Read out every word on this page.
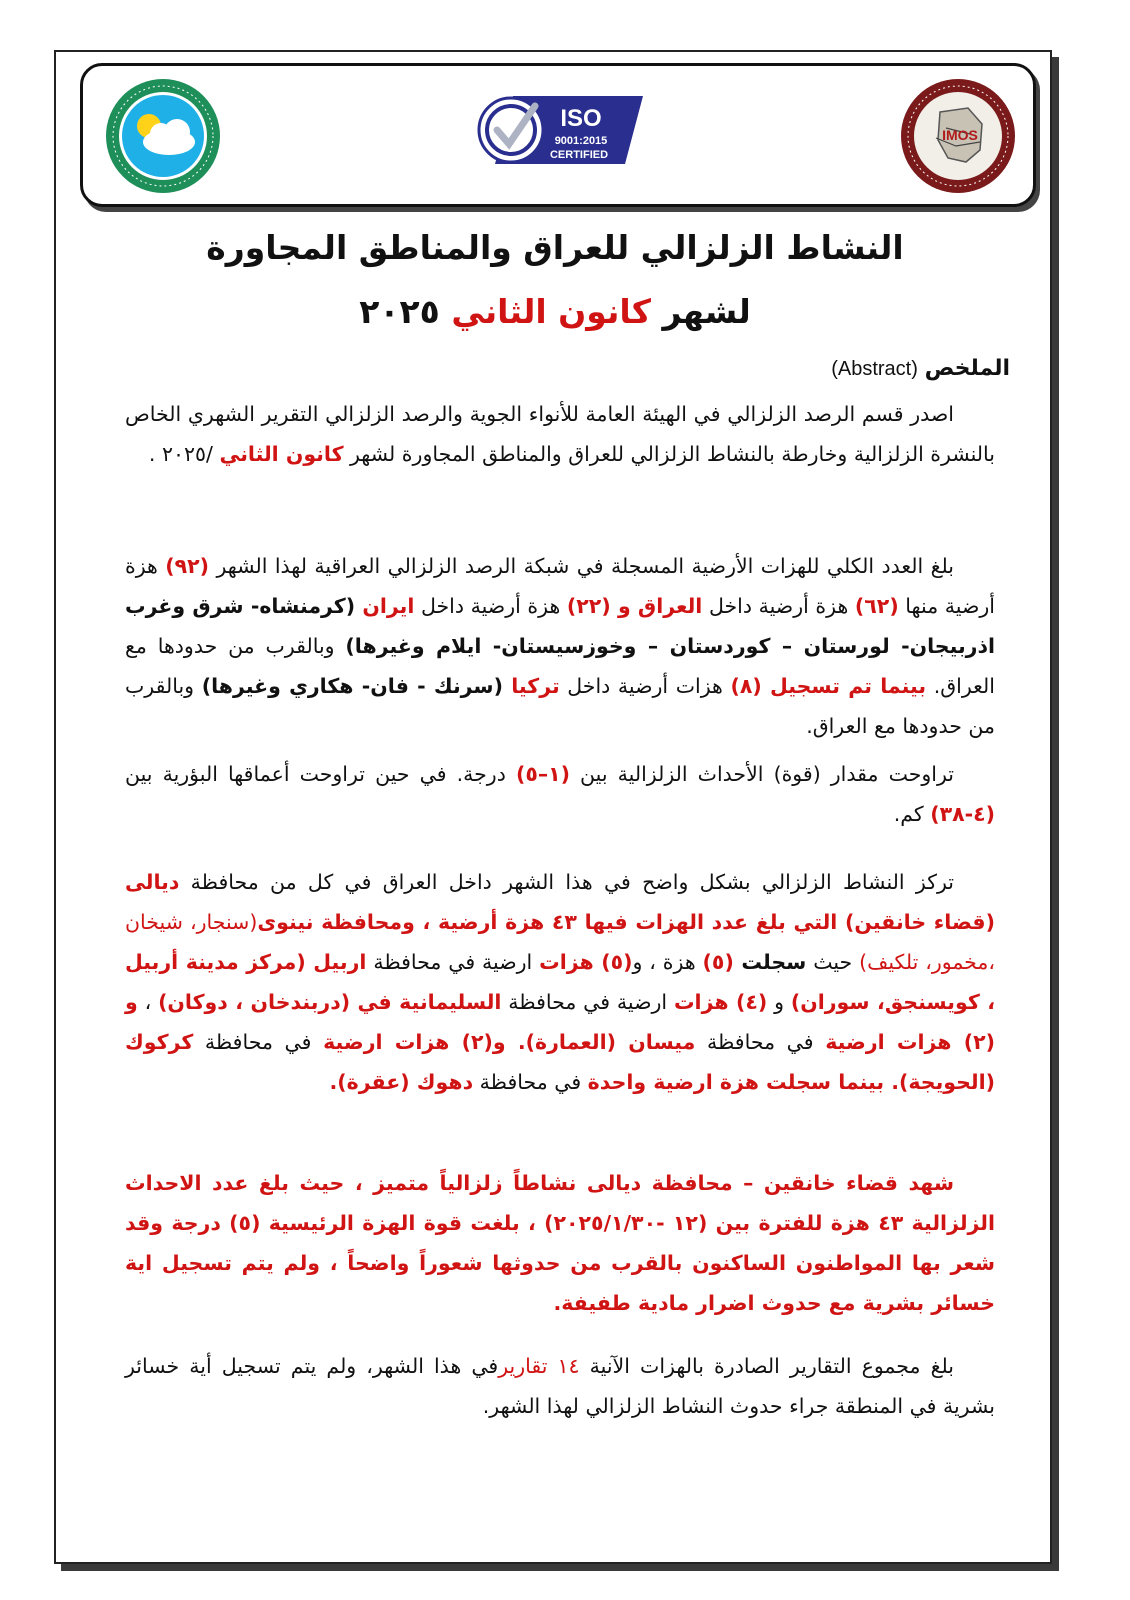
ISO
9001:2015
CERTIFIED
IMOS
النشاط الزلزالي للعراق والمناطق المجاورة
لشهر كانون الثاني ٢٠٢٥
الملخص (Abstract)

  اصدر قسم الرصد الزلزالي في الهيئة العامة للأنواء الجوية والرصد الزلزالي التقرير الشهري الخاص بالنشرة الزلزالية وخارطة بالنشاط الزلزالي للعراق والمناطق المجاورة لشهر كانون الثاني /٢٠٢٥ .

  بلغ العدد الكلي للهزات الأرضية المسجلة في شبكة الرصد الزلزالي العراقية لهذا الشهر (٩٢) هزة أرضية منها (٦٢) هزة أرضية داخل العراق و (٢٢) هزة أرضية داخل ايران (كرمنشاه- شرق وغرب اذربيجان- لورستان – كوردستان – وخوزسيستان- ايلام وغيرها) وبالقرب من حدودها مع العراق. بينما تم تسجيل (٨) هزات أرضية داخل تركيا (سرنك - فان- هكاري وغيرها) وبالقرب من حدودها مع العراق.

  تراوحت مقدار (قوة) الأحداث الزلزالية بين (١–٥) درجة. في حين تراوحت أعماقها البؤرية بين (٤-٣٨) كم.

  تركز النشاط الزلزالي بشكل واضح في هذا الشهر داخل العراق في كل من محافظة ديالى (قضاء خانقين) التي بلغ عدد الهزات فيها ٤٣ هزة أرضية ، ومحافظة نينوى(سنجار، شيخان ،مخمور، تلكيف) حيث سجلت (٥) هزة ، و(٥) هزات ارضية في محافظة اربيل (مركز مدينة أربيل ، كويسنجق، سوران) و (٤) هزات ارضية في محافظة السليمانية في (دربندخان ، دوكان) ، و (٢) هزات ارضية في محافظة ميسان (العمارة). و(٢) هزات ارضية في محافظة كركوك (الحويجة). بينما سجلت هزة ارضية واحدة في محافظة دهوك (عقرة).

  شهد قضاء خانقين – محافظة ديالى نشاطاً زلزالياً متميز ، حيث بلغ عدد الاحداث الزلزالية ٤٣ هزة للفترة بين (١٢ -٢٠٢٥/١/٣٠) ، بلغت قوة الهزة الرئيسية (٥) درجة وقد شعر بها المواطنون الساكنون بالقرب من حدوثها شعوراً واضحاً ، ولم يتم تسجيل اية خسائر بشرية مع حدوث اضرار مادية طفيفة.

  بلغ مجموع التقارير الصادرة بالهزات الآنية ١٤ تقاريرفي هذا الشهر، ولم يتم تسجيل أية خسائر بشرية في المنطقة جراء حدوث النشاط الزلزالي لهذا الشهر.
